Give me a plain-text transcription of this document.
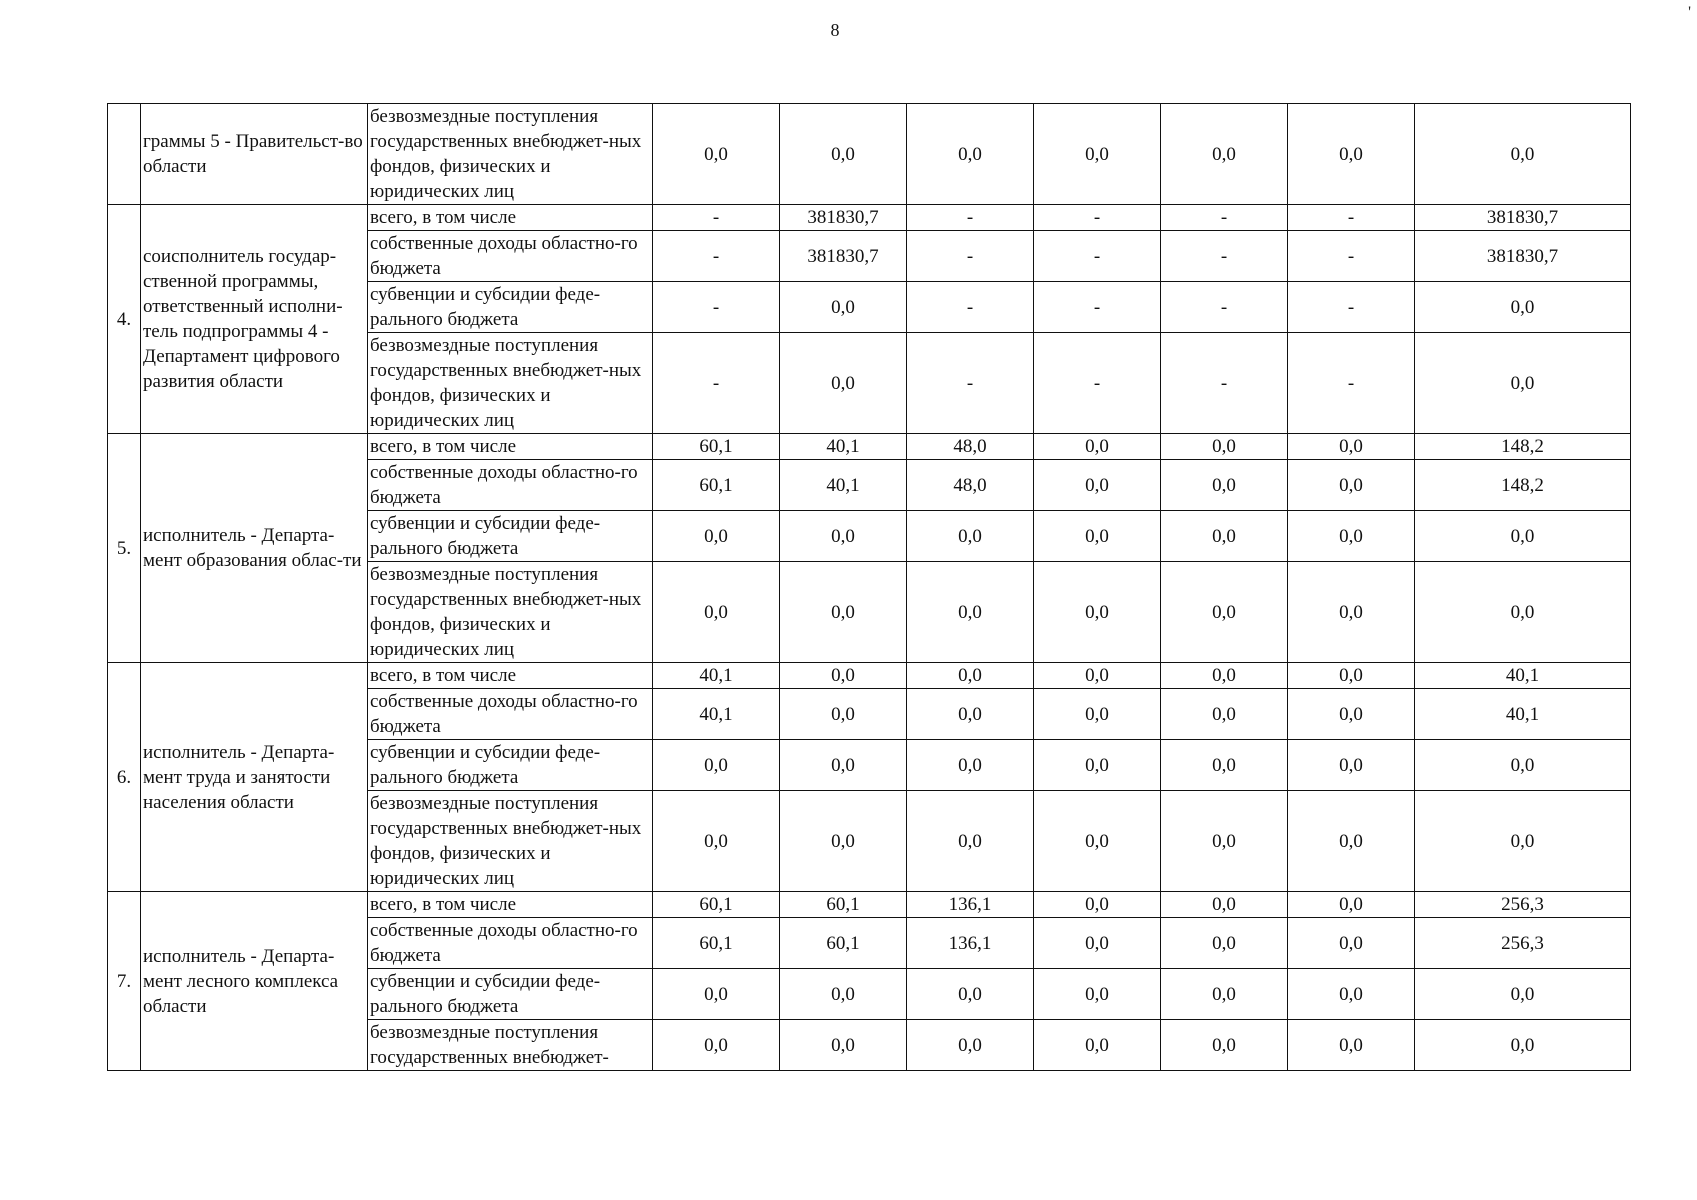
8
'
	граммы 5 - Правительст-во области	безвозмездные поступления государственных внебюджет-ных фондов, физических и юридических лиц	0,0	0,0	0,0	0,0	0,0	0,0	0,0
4.	соисполнитель государ-ственной программы, ответственный исполни-тель подпрограммы 4 - Департамент цифрового развития области	всего, в том числе	-	381830,7	-	-	-	-	381830,7
		собственные доходы областно-го бюджета	-	381830,7	-	-	-	-	381830,7
		субвенции и субсидии феде-рального бюджета	-	0,0	-	-	-	-	0,0
		безвозмездные поступления государственных внебюджет-ных фондов, физических и юридических лиц	-	0,0	-	-	-	-	0,0
5.	исполнитель - Департа-мент образования облас-ти	всего, в том числе	60,1	40,1	48,0	0,0	0,0	0,0	148,2
		собственные доходы областно-го бюджета	60,1	40,1	48,0	0,0	0,0	0,0	148,2
		субвенции и субсидии феде-рального бюджета	0,0	0,0	0,0	0,0	0,0	0,0	0,0
		безвозмездные поступления государственных внебюджет-ных фондов, физических и юридических лиц	0,0	0,0	0,0	0,0	0,0	0,0	0,0
6.	исполнитель - Департа-мент труда и занятости населения области	всего, в том числе	40,1	0,0	0,0	0,0	0,0	0,0	40,1
		собственные доходы областно-го бюджета	40,1	0,0	0,0	0,0	0,0	0,0	40,1
		субвенции и субсидии феде-рального бюджета	0,0	0,0	0,0	0,0	0,0	0,0	0,0
		безвозмездные поступления государственных внебюджет-ных фондов, физических и юридических лиц	0,0	0,0	0,0	0,0	0,0	0,0	0,0
7.	исполнитель - Департа-мент лесного комплекса области	всего, в том числе	60,1	60,1	136,1	0,0	0,0	0,0	256,3
		собственные доходы областно-го бюджета	60,1	60,1	136,1	0,0	0,0	0,0	256,3
		субвенции и субсидии феде-рального бюджета	0,0	0,0	0,0	0,0	0,0	0,0	0,0
		безвозмездные поступления государственных внебюджет-	0,0	0,0	0,0	0,0	0,0	0,0	0,0
